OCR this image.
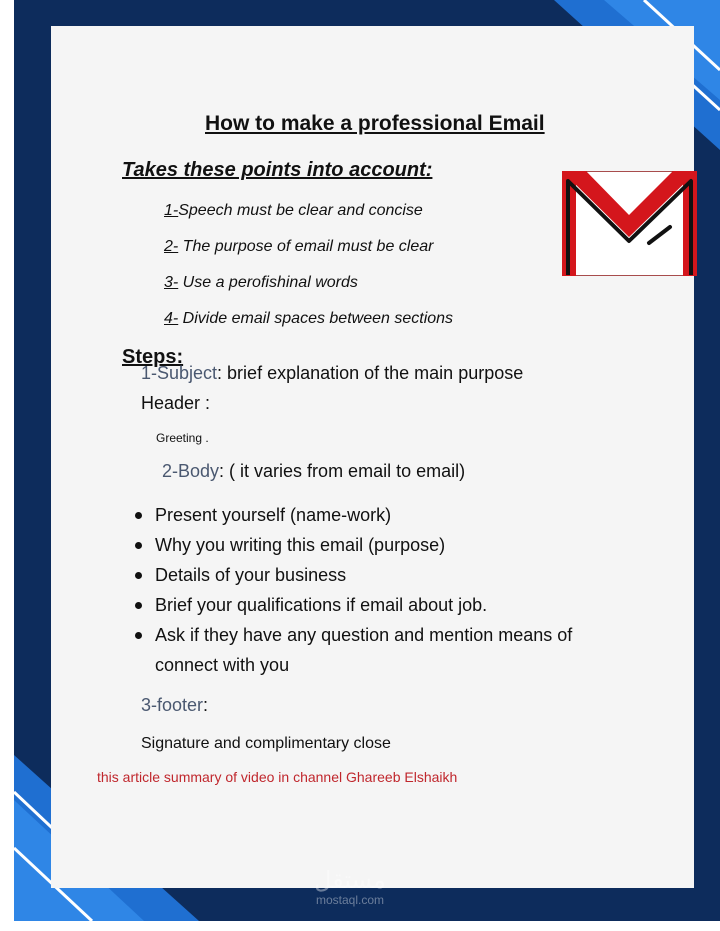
How to make a professional Email
Takes these points into account:
1-Speech must be clear and concise
2- The purpose of email must be clear
3- Use a perofishinal words
4- Divide email spaces between sections
Steps:

1-Subject: brief explanation of the main purpose

Header :

Greeting .

2-Body: ( it varies from email to email)

3-footer:

Signature and complimentary close

Present yourself (name-work)
Why you writing this email (purpose)
Details of your business
Brief your qualifications if email about job.
Ask if they have any question and mention means of connect with you

this article summary of video in channel Ghareeb Elshaikh

مستقل
mostaql.com
